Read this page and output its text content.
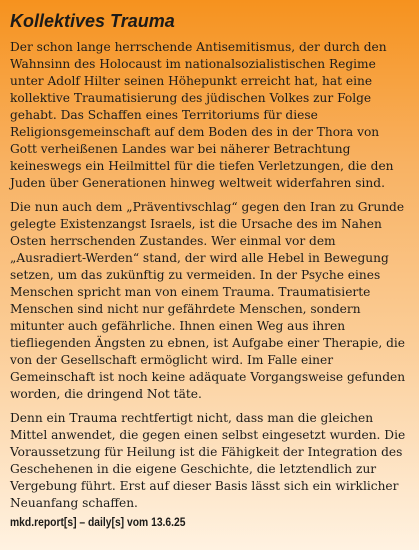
Kollektives Trauma
Der schon lange herrschende Antisemitismus, der durch den
Wahnsinn des Holocaust im nationalsozialistischen Regime
unter Adolf Hilter seinen Höhepunkt erreicht hat, hat eine
kollektive Traumatisierung des jüdischen Volkes zur Folge
gehabt. Das Schaffen eines Territoriums für diese
Religionsgemeinschaft auf dem Boden des in der Thora von
Gott verheißenen Landes war bei näherer Betrachtung
keineswegs ein Heilmittel für die tiefen Verletzungen, die den
Juden über Generationen hinweg weltweit widerfahren sind.
Die nun auch dem „Präventivschlag“ gegen den Iran zu Grunde
gelegte Existenzangst Israels, ist die Ursache des im Nahen
Osten herrschenden Zustandes. Wer einmal vor dem
„Ausradiert-Werden“ stand, der wird alle Hebel in Bewegung
setzen, um das zukünftig zu vermeiden. In der Psyche eines
Menschen spricht man von einem Trauma. Traumatisierte
Menschen sind nicht nur gefährdete Menschen, sondern
mitunter auch gefährliche. Ihnen einen Weg aus ihren
tiefliegenden Ängsten zu ebnen, ist Aufgabe einer Therapie, die
von der Gesellschaft ermöglicht wird. Im Falle einer
Gemeinschaft ist noch keine adäquate Vorgangsweise gefunden
worden, die dringend Not täte.
Denn ein Trauma rechtfertigt nicht, dass man die gleichen
Mittel anwendet, die gegen einen selbst eingesetzt wurden. Die
Voraussetzung für Heilung ist die Fähigkeit der Integration des
Geschehenen in die eigene Geschichte, die letztendlich zur
Vergebung führt. Erst auf dieser Basis lässt sich ein wirklicher
Neuanfang schaffen.
mkd.report[s] – daily[s] vom 13.6.25
